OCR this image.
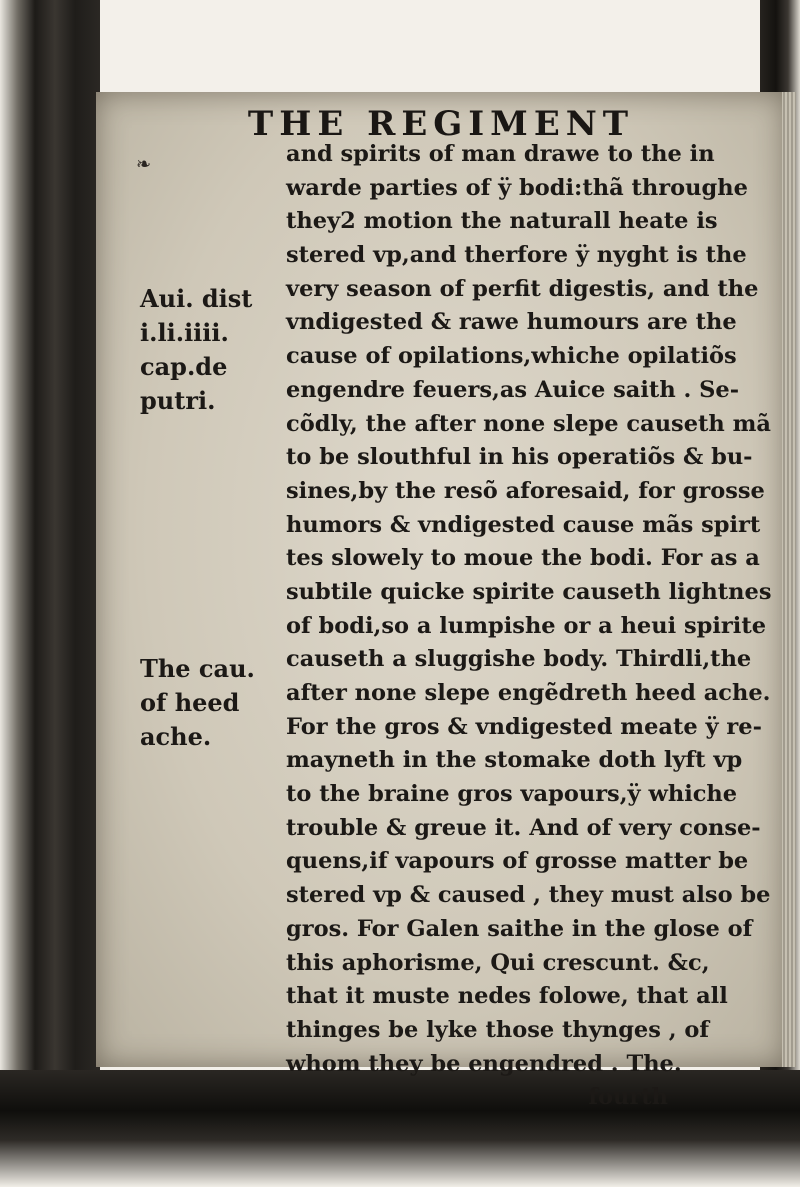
THE REGIMENT
❧
Aui. dist
i.li.iiii.
cap.de
putri.
The cau.
of heed
ache.
and spirits of man drawe to the in
warde parties of ÿ bodi:thã throughe
they2 motion the naturall heate is
stered vp,and therfore ÿ nyght is the
very season of perfit digestis, and the
vndigested & rawe humours are the
cause of opilations,whiche opilatiõs
engendre feuers,as Auice saith . Se-
cõdly, the after none slepe causeth mã
to be slouthful in his operatiõs & bu-
sines,by the resõ aforesaid, for grosse
humors & vndigested cause mãs spirt
tes slowely to moue the bodi. For as a
subtile quicke spirite causeth lightnes
of bodi,so a lumpishe or a heui spirite
causeth a sluggishe body. Thirdli,the
after none slepe engẽdreth heed ache.
For the gros & vndigested meate ÿ re-
mayneth in the stomake doth lyft vp
to the braine gros vapours,ÿ whiche
trouble & greue it. And of very conse-
quens,if vapours of grosse matter be
stered vp & caused , they must also be
gros. For Galen saithe in the glose of
this aphorisme, Qui crescunt. &c,
that it muste nedes folowe, that all
thinges be lyke those thynges , of
whom they be engendred . The.
fourth
